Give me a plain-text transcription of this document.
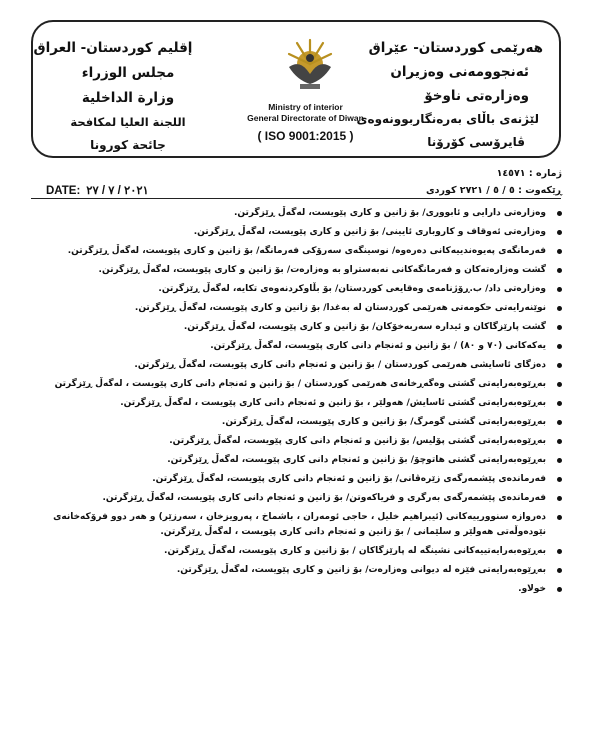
إقليم كوردستان- العراق
مجلس الوزراء
وزارة الداخلية
اللجنة العليا لمكافحة
جائحة كورونا
Ministry of interior
General Directorate of Diwan
( ISO 9001:2015 )
هەرێمی کوردستان- عێراق
ئەنجوومەنی وەزیران
وەزارەتی ناوخۆ
لێژنەی باڵای بەرەنگاربوونەوەی
ڤایرۆسی کۆرۆنا
ژمارە : ١٤٥٧١
ڕێکەوت : ٥ / ٥ / ٢٧٢١ كوردی
DATE: ٢٠٢١ / ٧ / ٢٧
وەزارەتی دارایی و ئابووری/ بۆ زانین و كاری پێویست، لەگەڵ ڕێزگرتن.
وەزارەتی ئەوقاف و كاروباری ئایینی/ بۆ زانین و كاری پێویست، لەگەڵ ڕێزگرتن.
فەرمانگەی پەیوەندییەکانی دەرەوە/ نوسینگەی سەرۆکی فەرمانگە/ بۆ زانین و كاری پێویست، لەگەڵ ڕێزگرتن.
گشت وەزارەتەکان و فەرمانگەکانی نەبەستراو بە وەزارەت/ بۆ زانین و كاری پێویست، لەگەڵ ڕێزگرتن.
وەزارەتی داد/ ب.ڕۆژنامەی وەقایعی کوردستان/ بۆ بڵاوکردنەوەی تکایە، لەگەڵ ڕێزگرتن.
نوێنەرایەتی حکومەتی هەرێمی کوردستان لە بەغدا/ بۆ زانین و كاری پێویست، لەگەڵ ڕێزگرتن.
گشت پارێزگاکان و ئیدارە سەربەخۆکان/ بۆ زانین و كاری پێویست، لەگەڵ ڕێزگرتن.
یەکەکانی (٧٠ و ٨٠) / بۆ زانین و ئەنجام دانی كاری پێویست، لەگەڵ ڕێزگرتن.
دەزگای ئاسایشی هەرێمی کوردستان / بۆ زانین و ئەنجام دانی کاری پێویست، لەگەڵ ڕێزگرتن.
بەڕێوەبەرایەتی گشتی وەگەڕخانەی هەرێمی کوردستان / بۆ زانین و ئەنجام دانی کاری پێویست ، لەگەڵ ڕێزگرتن
بەڕێوەبەرایەتی گشتی ئاسایش/ هەولێر ، بۆ زانین و ئەنجام دانی کاری پێویست ، لەگەڵ ڕێزگرتن.
بەڕێوەبەرایەتی گشتی گومرگ/ بۆ زانین و كاری پێویست، لەگەڵ ڕێزگرتن.
بەڕێوەبەرایەتی گشتی پۆلیس/ بۆ زانین و ئەنجام دانی كاری پێویست، لەگەڵ ڕێزگرتن.
بەڕێوەبەرایەتی گشتی هاتوچۆ/ بۆ زانین و ئەنجام دانی كاری پێویست، لەگەڵ ڕێزگرتن.
فەرماندەی پێشمەرگەی زێرەڤانی/ بۆ زانین و ئەنجام دانی كاری پێویست، لەگەڵ ڕێزگرتن.
فەرماندەی پێشمەرگەی بەرگری و فریاکەوتن/ بۆ زانین و ئەنجام دانی كاری پێویست، لەگەڵ ڕێزگرتن.
دەروازە سنوورییەکانی (ئیبراهیم خلیل ، حاجی ئومەران ، باشماخ ، پەرویزخان ، سەرزێر) و هەر دوو فرۆکەخانەی نێودەوڵەتی هەولێر و سلێمانی / بۆ زانین و ئەنجام دانی كاری پێویست ، لەگەڵ ڕێزگرتن.
بەڕێوەبەرایەتییەکانی نشینگە لە پارێزگاکان / بۆ زانین و كاری پێویست، لەگەڵ ڕێزگرتن.
بەڕێوەبەرایەتی فێزە لە دیوانی وەزارەت/ بۆ زانین و كاری پێویست، لەگەڵ ڕێزگرتن.
خولاو.
